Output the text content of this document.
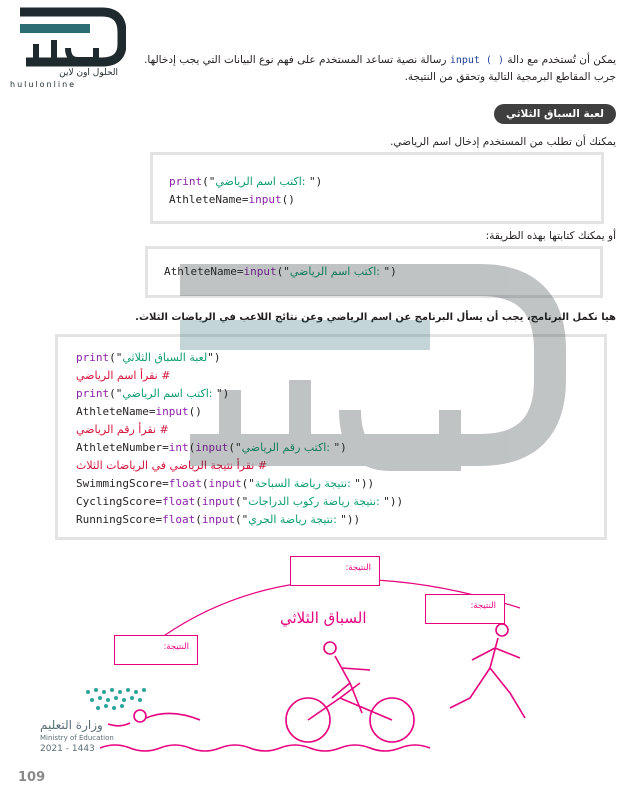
الحلول اون لاين
hululonline
يمكن أن تُستخدم مع دالة input ( ) رسالة نصية تساعد المستخدم على فهم نوع البيانات التي يجب إدخالها.
جرب المقاطع البرمجية التالية وتحقق من النتيجة.
لعبة السباق الثلاثي
يمكنك أن تطلب من المستخدم إدخال اسم الرياضي.
أو يمكنك كتابتها بهذه الطريقة:
هيا نكمل البرنامج، يجب أن يسأل البرنامج عن اسم الرياضي وعن نتائج اللاعب في الرياضات الثلاث.
print("اكتب اسم الرياضي: ")
AthleteName=input()
AthleteName=input("اكتب اسم الرياضي: ")
print("لعبة السباق الثلاثي")
نقرأ اسم الرياضي #
print("اكتب اسم الرياضي: ")
AthleteName=input()
نقرأ رقم الرياضي #
AthleteNumber=int(input("اكتب رقم الرياضي: ")
نقرأ نتيجة الرياضي في الرياضات الثلاث #
SwimmingScore=float(input("نتيجة رياضة السباحة: "))
CyclingScore=float(input("نتيجة رياضة ركوب الدراجات: "))
RunningScore=float(input("نتيجة رياضة الجري: "))
النتيجة:
النتيجة:
النتيجة:
السباق الثلاثي
وزارة التعليم
Ministry of Education
2021 - 1443
109
